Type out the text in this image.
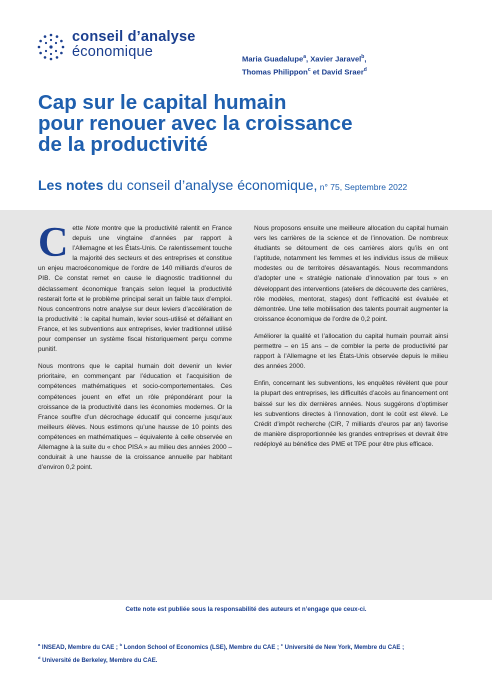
conseil d’analyse
économique	Maria Guadalupe$^a$, Xavier Jaravel$^b$,
Thomas Philippon$^c$ et David Sraer$^d$
Cap sur le capital humain
pour renouer avec la croissance
de la productivité
Les notes du conseil d’analyse économique, n° 75, Septembre 2022

Cette Note montre que la productivité ralentit en France depuis une vingtaine d’années par rapport à l’Allemagne et les États-Unis. Ce ralentissement touche la majorité des secteurs et des entreprises et constitue un enjeu macroéconomique de l’ordre de 140 milliards d’euros de PIB. Ce constat remet en cause le diagnostic traditionnel du déclassement économique français selon lequel la productivité resterait forte et le problème principal serait un faible taux d’emploi. Nous concentrons notre analyse sur deux leviers d’accélération de la productivité : le capital humain, levier sous-utilisé et défaillant en France, et les subventions aux entreprises, levier traditionnel utilisé pour compenser un système fiscal historiquement perçu comme punitif.

Nous montrons que le capital humain doit devenir un levier prioritaire, en commençant par l’éducation et l’acquisition de compétences mathématiques et socio-comportementales. Ces compétences jouent en effet un rôle prépondérant pour la croissance de la productivité dans les économies modernes. Or la France souffre d’un décrochage éducatif qui concerne jusqu’aux meilleurs élèves. Nous estimons qu’une hausse de 10 points des compétences en mathématiques – équivalente à celle observée en Allemagne à la suite du « choc PISA » au milieu des années 2000 – conduirait à une hausse de la croissance annuelle par habitant d’environ 0,2 point.

Nous proposons ensuite une meilleure allocation du capital humain vers les carrières de la science et de l’innovation. De nombreux étudiants se détournent de ces carrières alors qu’ils en ont l’aptitude, notamment les femmes et les individus issus de milieux modestes ou de territoires désavantagés. Nous recommandons d’adopter une « stratégie nationale d’innovation par tous » en développant des interventions (ateliers de découverte des carrières, rôle modèles, mentorat, stages) dont l’efficacité est évaluée et démontrée. Une telle mobilisation des talents pourrait augmenter la croissance économique de l’ordre de 0,2 point.

Améliorer la qualité et l’allocation du capital humain pourrait ainsi permettre – en 15 ans – de combler la perte de productivité par rapport à l’Allemagne et les États-Unis observée depuis le milieu des années 2000.

Enfin, concernant les subventions, les enquêtes révèlent que pour la plupart des entreprises, les difficultés d’accès au financement ont baissé sur les dix dernières années. Nous suggérons d’optimiser les subventions directes à l’innovation, dont le coût est élevé. Le Crédit d’impôt recherche (CIR, 7 milliards d’euros par an) favorise de manière disproportionnée les grandes entreprises et devrait être redéployé au bénéfice des PME et TPE pour être plus efficace.

Cette note est publiée sous la responsabilité des auteurs et n’engage que ceux-ci.
$^a$ INSEAD, Membre du CAE ; $^b$ London School of Economics (LSE), Membre du CAE ; $^c$ Université de New York, Membre du CAE ;
$^d$ Université de Berkeley, Membre du CAE.
